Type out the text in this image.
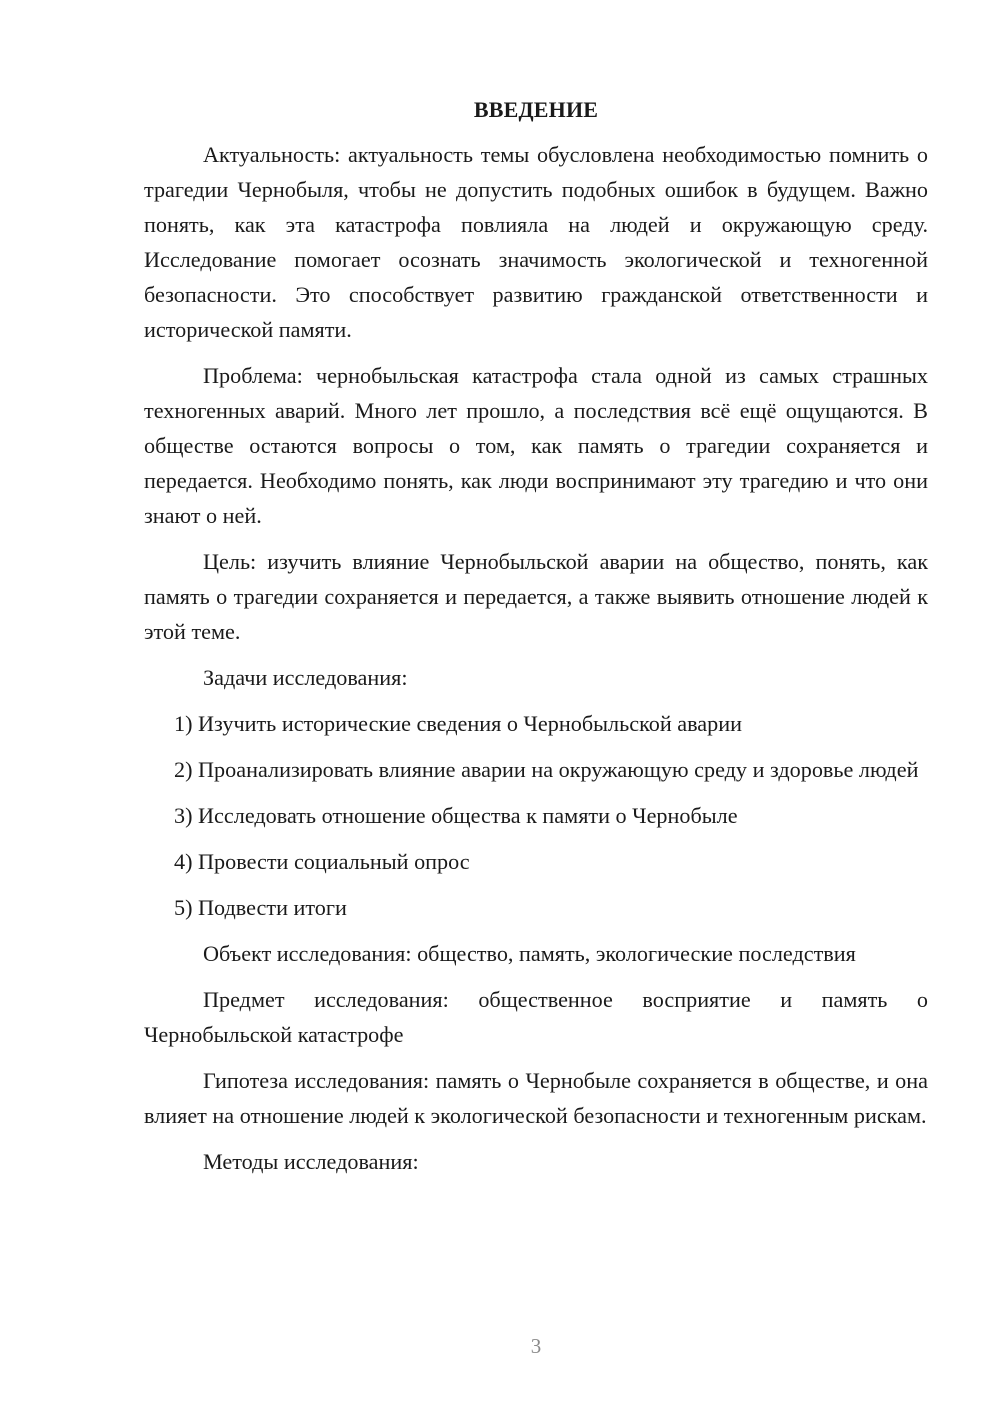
ВВЕДЕНИЕ

Актуальность: актуальность темы обусловлена необходимостью помнить о трагедии Чернобыля, чтобы не допустить подобных ошибок в будущем. Важно понять, как эта катастрофа повлияла на людей и окружающую среду. Исследование помогает осознать значимость экологической и техногенной безопасности. Это способствует развитию гражданской ответственности и исторической памяти.

Проблема: чернобыльская катастрофа стала одной из самых страшных техногенных аварий. Много лет прошло, а последствия всё ещё ощущаются. В обществе остаются вопросы о том, как память о трагедии сохраняется и передается. Необходимо понять, как люди воспринимают эту трагедию и что они знают о ней.

Цель: изучить влияние Чернобыльской аварии на общество, понять, как память о трагедии сохраняется и передается, а также выявить отношение людей к этой теме.

Задачи исследования:

1) Изучить исторические сведения о Чернобыльской аварии

2) Проанализировать влияние аварии на окружающую среду и здоровье людей

3) Исследовать отношение общества к памяти о Чернобыле

4) Провести социальный опрос

5) Подвести итоги

Объект исследования: общество, память, экологические последствия

Предмет исследования: общественное восприятие и память о Чернобыльской катастрофе

Гипотеза исследования: память о Чернобыле сохраняется в обществе, и она влияет на отношение людей к экологической безопасности и техногенным рискам.

Методы исследования:

3
